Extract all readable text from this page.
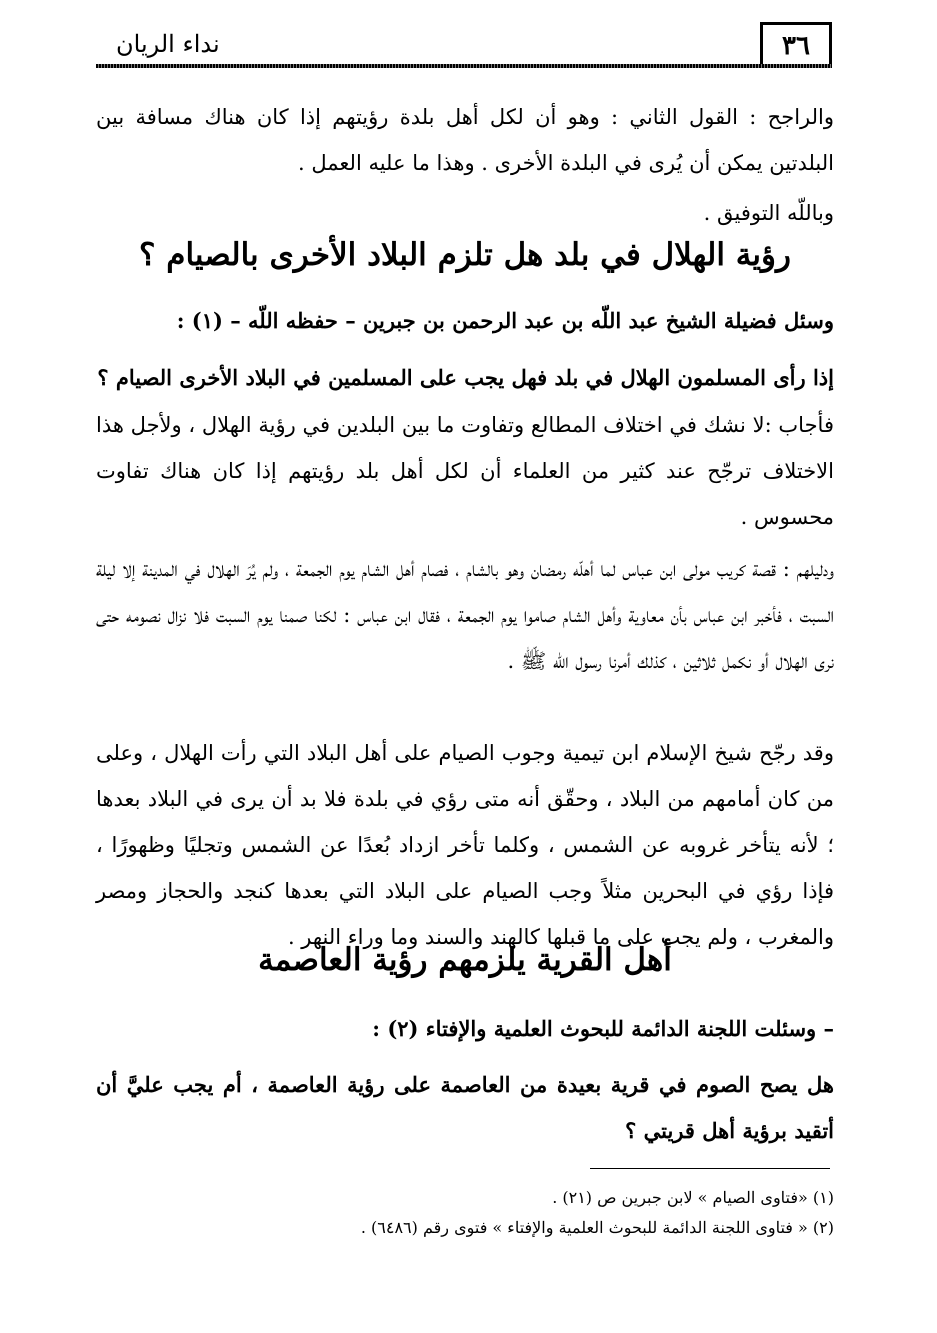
٣٦
نداء الريان

والراجح : القول الثاني : وهو أن لكل أهل بلدة رؤيتهم إذا كان هناك مسافة بين البلدتين يمكن أن يُرى في البلدة الأخرى . وهذا ما عليه العمل .

وباللّه التوفيق .

رؤية الهلال في بلد هل تلزم البلاد الأخرى بالصيام ؟

وسئل فضيلة الشيخ عبد اللّه بن عبد الرحمن بن جبرين – حفظه اللّه – (١) :

إذا رأى المسلمون الهلال في بلد فهل يجب على المسلمين في البلاد الأخرى الصيام ؟

فأجاب :لا نشك في اختلاف المطالع وتفاوت ما بين البلدين في رؤية الهلال ، ولأجل هذا الاختلاف ترجّح عند كثير من العلماء أن لكل أهل بلد رؤيتهم إذا كان هناك تفاوت محسوس .

ودليلهم : قصة كريب مولى ابن عباس لما أهلّه رمضان وهو بالشام ، فصام أهل الشام يوم الجمعة ، ولم يُرَ الهلال في المدينة إلا ليلة السبت ، فأخبر ابن عباس بأن معاوية وأهل الشام صاموا يوم الجمعة ، فقال ابن عباس : لكنا صمنا يوم السبت فلا نزال نصومه حتى نرى الهلال أو نكمل ثلاثين ، كذلك أمرنا رسول اللّه ﷺ .

وقد رجّح شيخ الإسلام ابن تيمية وجوب الصيام على أهل البلاد التي رأت الهلال ، وعلى من كان أمامهم من البلاد ، وحقّق أنه متى رؤي في بلدة فلا بد أن يرى في البلاد بعدها ؛ لأنه يتأخر غروبه عن الشمس ، وكلما تأخر ازداد بُعدًا عن الشمس وتجليًا وظهورًا ، فإذا رؤي في البحرين مثلاً وجب الصيام على البلاد التي بعدها كنجد والحجاز ومصر والمغرب ، ولم يجب على ما قبلها كالهند والسند وما وراء النهر .

أهل القرية يلزمهم رؤية العاصمة

– وسئلت اللجنة الدائمة للبحوث العلمية والإفتاء (٢) :

هل يصح الصوم في قرية بعيدة من العاصمة على رؤية العاصمة ، أم يجب عليَّ أن أتقيد برؤية أهل قريتي ؟

(١) «فتاوى الصيام » لابن جبرين ص (٢١) .
(٢) « فتاوى اللجنة الدائمة للبحوث العلمية والإفتاء » فتوى رقم (٦٤٨٦) .
